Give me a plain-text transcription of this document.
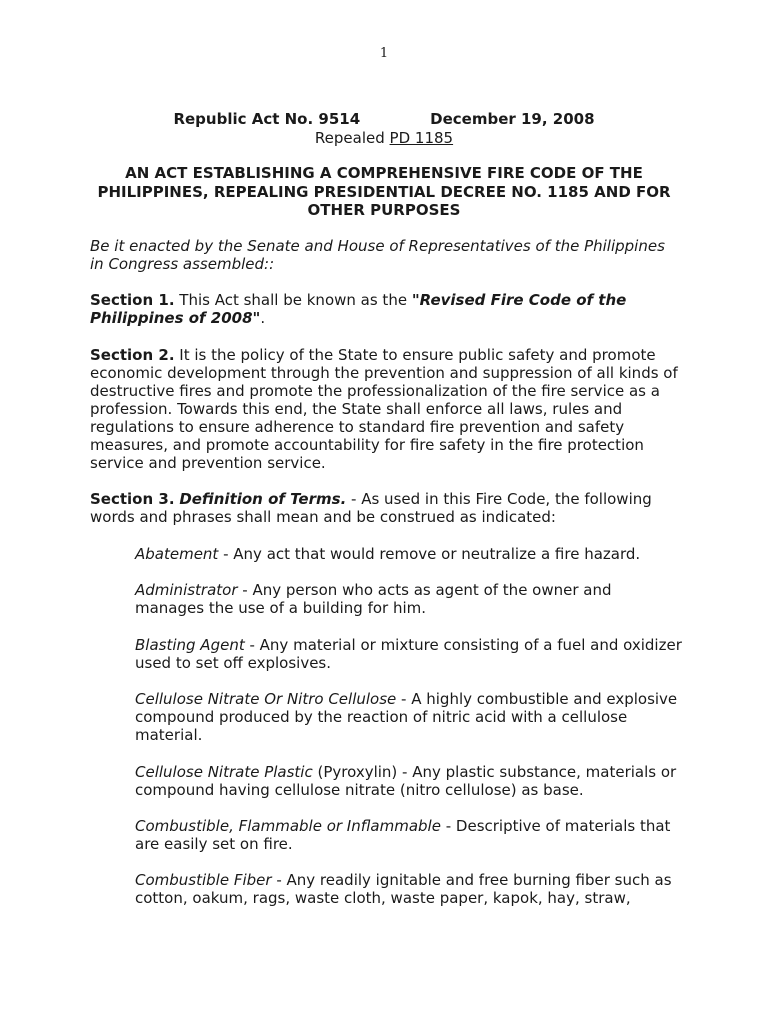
1
Republic Act No. 9514	December 19, 2008
Repealed PD 1185
AN ACT ESTABLISHING A COMPREHENSIVE FIRE CODE OF THE PHILIPPINES, REPEALING PRESIDENTIAL DECREE NO. 1185 AND FOR OTHER PURPOSES
Be it enacted by the Senate and House of Representatives of the Philippines in Congress assembled::
Section 1. This Act shall be known as the "Revised Fire Code of the Philippines of 2008".
Section 2. It is the policy of the State to ensure public safety and promote economic development through the prevention and suppression of all kinds of destructive fires and promote the professionalization of the fire service as a profession. Towards this end, the State shall enforce all laws, rules and regulations to ensure adherence to standard fire prevention and safety measures, and promote accountability for fire safety in the fire protection service and prevention service.
Section 3. Definition of Terms. - As used in this Fire Code, the following words and phrases shall mean and be construed as indicated:
Abatement - Any act that would remove or neutralize a fire hazard.
Administrator - Any person who acts as agent of the owner and manages the use of a building for him.
Blasting Agent - Any material or mixture consisting of a fuel and oxidizer used to set off explosives.
Cellulose Nitrate Or Nitro Cellulose - A highly combustible and explosive compound produced by the reaction of nitric acid with a cellulose material.
Cellulose Nitrate Plastic (Pyroxylin) - Any plastic substance, materials or compound having cellulose nitrate (nitro cellulose) as base.
Combustible, Flammable or Inflammable - Descriptive of materials that are easily set on fire.
Combustible Fiber - Any readily ignitable and free burning fiber such as cotton, oakum, rags, waste cloth, waste paper, kapok, hay, straw,
